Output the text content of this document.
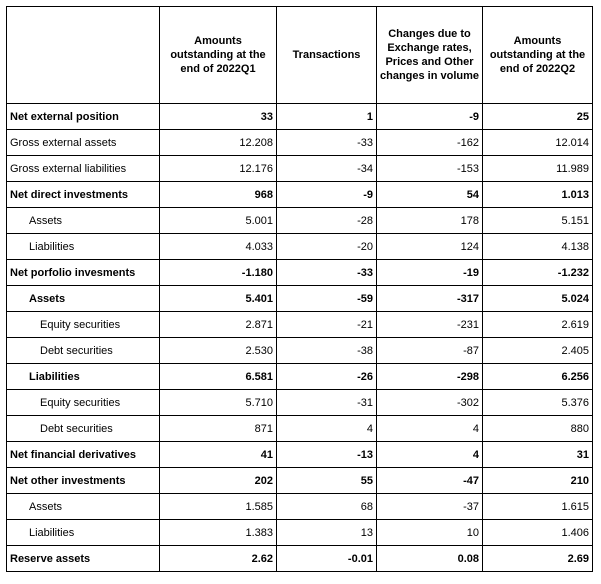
	Amounts outstanding at the end of 2022Q1	Transactions	Changes due to Exchange rates, Prices and Other changes in volume	Amounts outstanding at the end of 2022Q2
Net external position	33	1	-9	25
Gross external assets	12.208	-33	-162	12.014
Gross external liabilities	12.176	-34	-153	11.989
Net direct investments	968	-9	54	1.013
Assets	5.001	-28	178	5.151
Liabilities	4.033	-20	124	4.138
Net porfolio invesments	-1.180	-33	-19	-1.232
Assets	5.401	-59	-317	5.024
Equity securities	2.871	-21	-231	2.619
Debt securities	2.530	-38	-87	2.405
Liabilities	6.581	-26	-298	6.256
Equity securities	5.710	-31	-302	5.376
Debt securities	871	4	4	880
Net financial derivatives	41	-13	4	31
Net other investments	202	55	-47	210
Assets	1.585	68	-37	1.615
Liabilities	1.383	13	10	1.406
Reserve assets	2.62	-0.01	0.08	2.69
